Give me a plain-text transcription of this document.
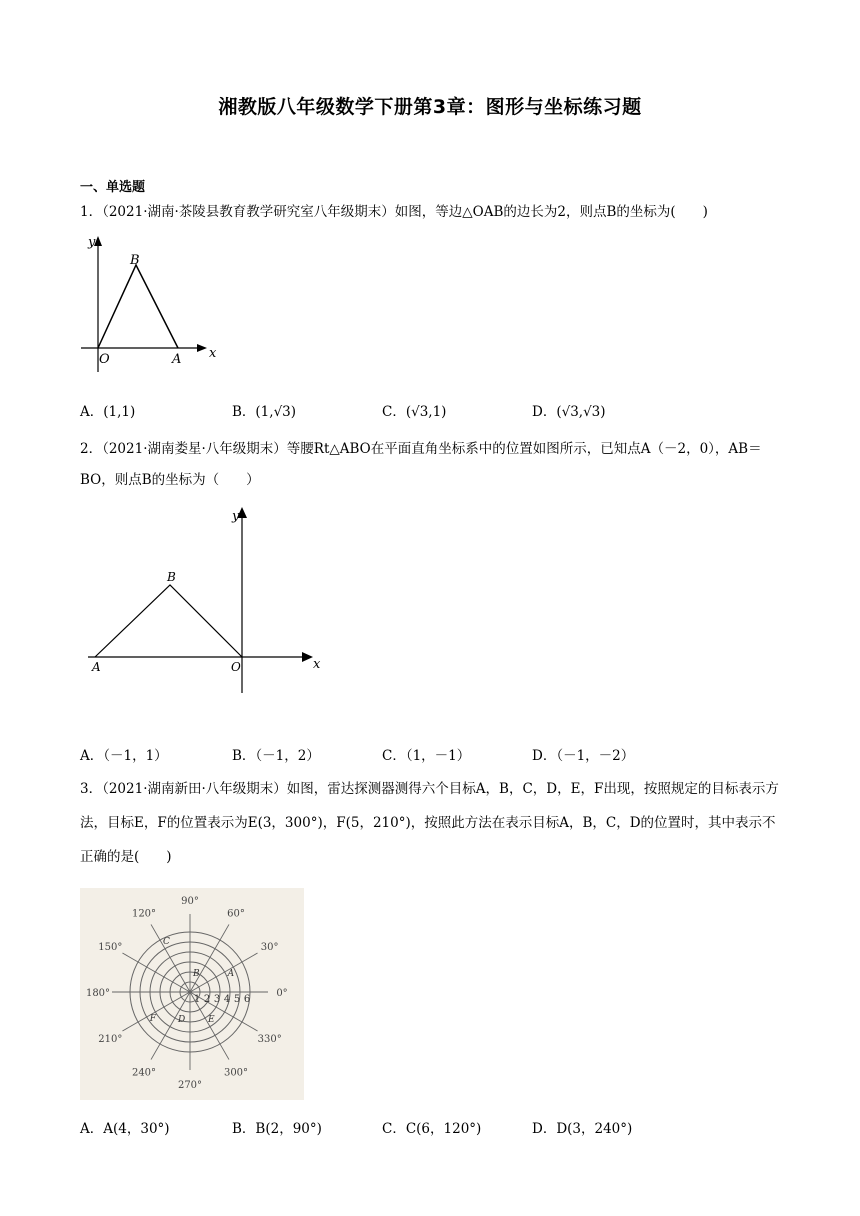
湘教版八年级数学下册第3章：图形与坐标练习题
一、单选题
1．（2021·湖南·茶陵县教育教学研究室八年级期末）如图，等边△OAB的边长为2，则点B的坐标为(　　)
y
x
O	A
B
A．(1,1)	B．(1,√3)	C．(√3,1)	D．(√3,√3)
2．（2021·湖南娄星·八年级期末）等腰Rt△ABO在平面直角坐标系中的位置如图所示，已知点A（－2，0），AB＝BO，则点B的坐标为（　　）
y
x
O
A
B
A．（－1，1）	B．（－1，2）	C．（1，－1）	D．（－1，－2）
3．（2021·湖南新田·八年级期末）如图，雷达探测器测得六个目标A，B，C，D，E，F出现，按照规定的目标表示方法，目标E，F的位置表示为E(3，300°)，F(5，210°)，按照此方法在表示目标A，B，C，D的位置时，其中表示不正确的是(　　)
0°
30°
60°
90°
120°
150°
180°
210°
240°
270°
300°
330°
1 2 3 4 5 6
A
B
C
D	E
F
A．A(4，30°)	B．B(2，90°)	C．C(6，120°)	D．D(3，240°)
